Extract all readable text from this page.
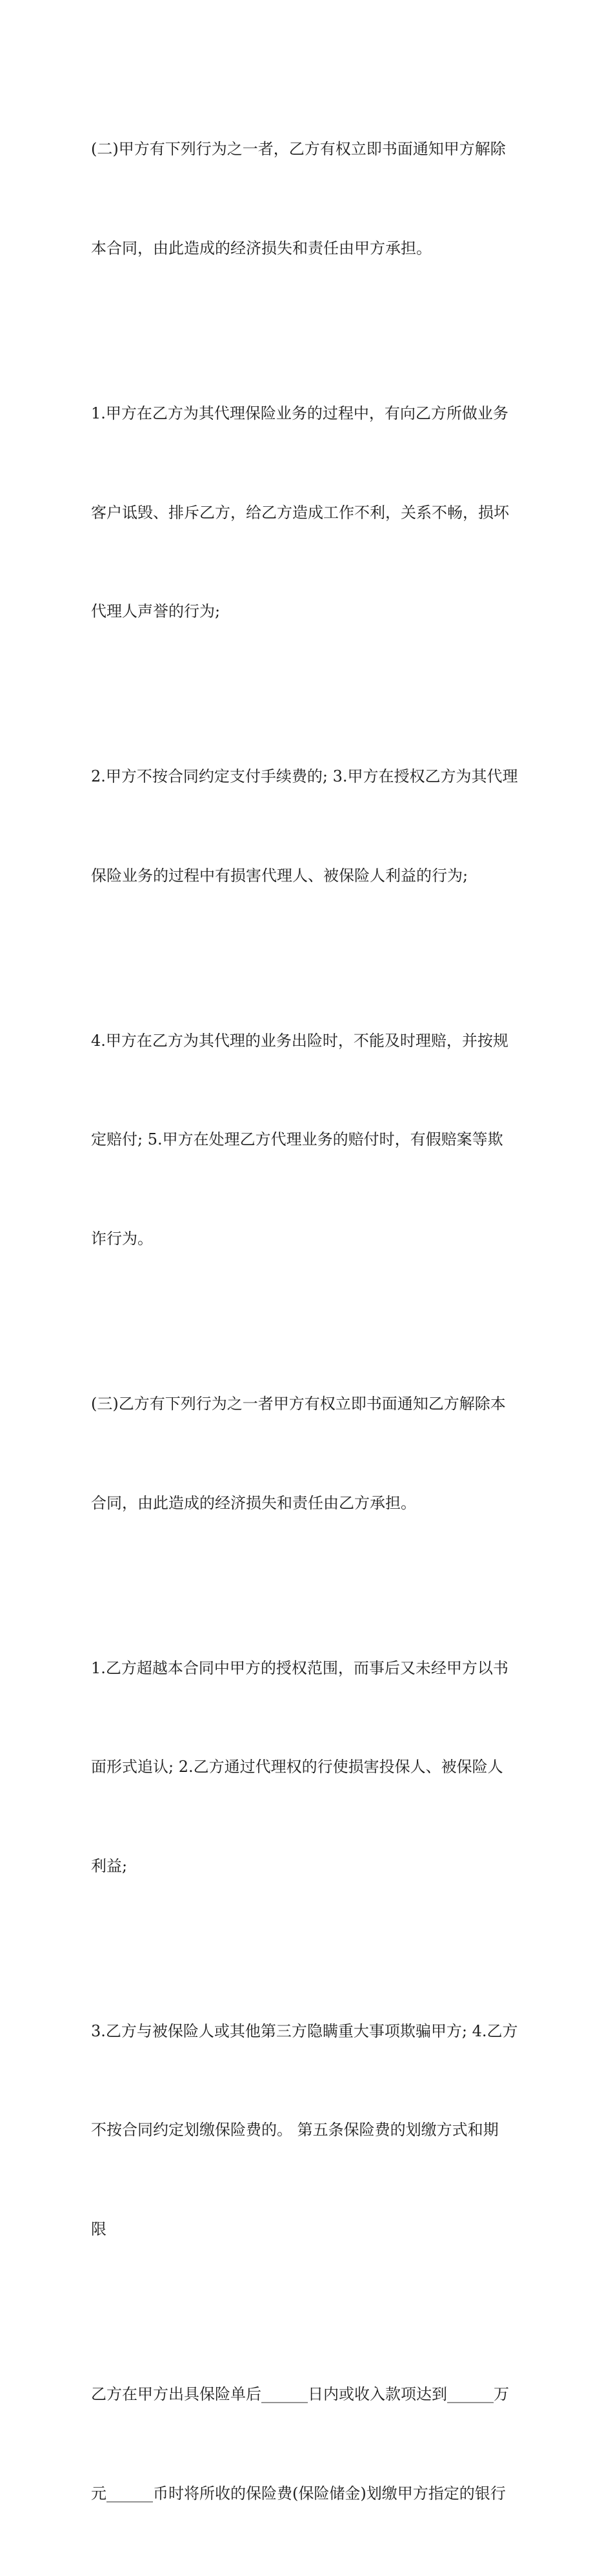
(二)甲方有下列行为之一者，乙方有权立即书面通知甲方解除

本合同，由此造成的经济损失和责任由甲方承担。

1.甲方在乙方为其代理保险业务的过程中，有向乙方所做业务

客户诋毁、排斥乙方，给乙方造成工作不利，关系不畅，损坏

代理人声誉的行为;

2.甲方不按合同约定支付手续费的; 3.甲方在授权乙方为其代理

保险业务的过程中有损害代理人、被保险人利益的行为;

4.甲方在乙方为其代理的业务出险时，不能及时理赔，并按规

定赔付; 5.甲方在处理乙方代理业务的赔付时，有假赔案等欺

诈行为。

(三)乙方有下列行为之一者甲方有权立即书面通知乙方解除本

合同，由此造成的经济损失和责任由乙方承担。

1.乙方超越本合同中甲方的授权范围，而事后又未经甲方以书

面形式追认; 2.乙方通过代理权的行使损害投保人、被保险人

利益;

3.乙方与被保险人或其他第三方隐瞒重大事项欺骗甲方; 4.乙方

不按合同约定划缴保险费的。 第五条保险费的划缴方式和期

限

乙方在甲方出具保险单后______日内或收入款项达到______万

元______币时将所收的保险费(保险储金)划缴甲方指定的银行
